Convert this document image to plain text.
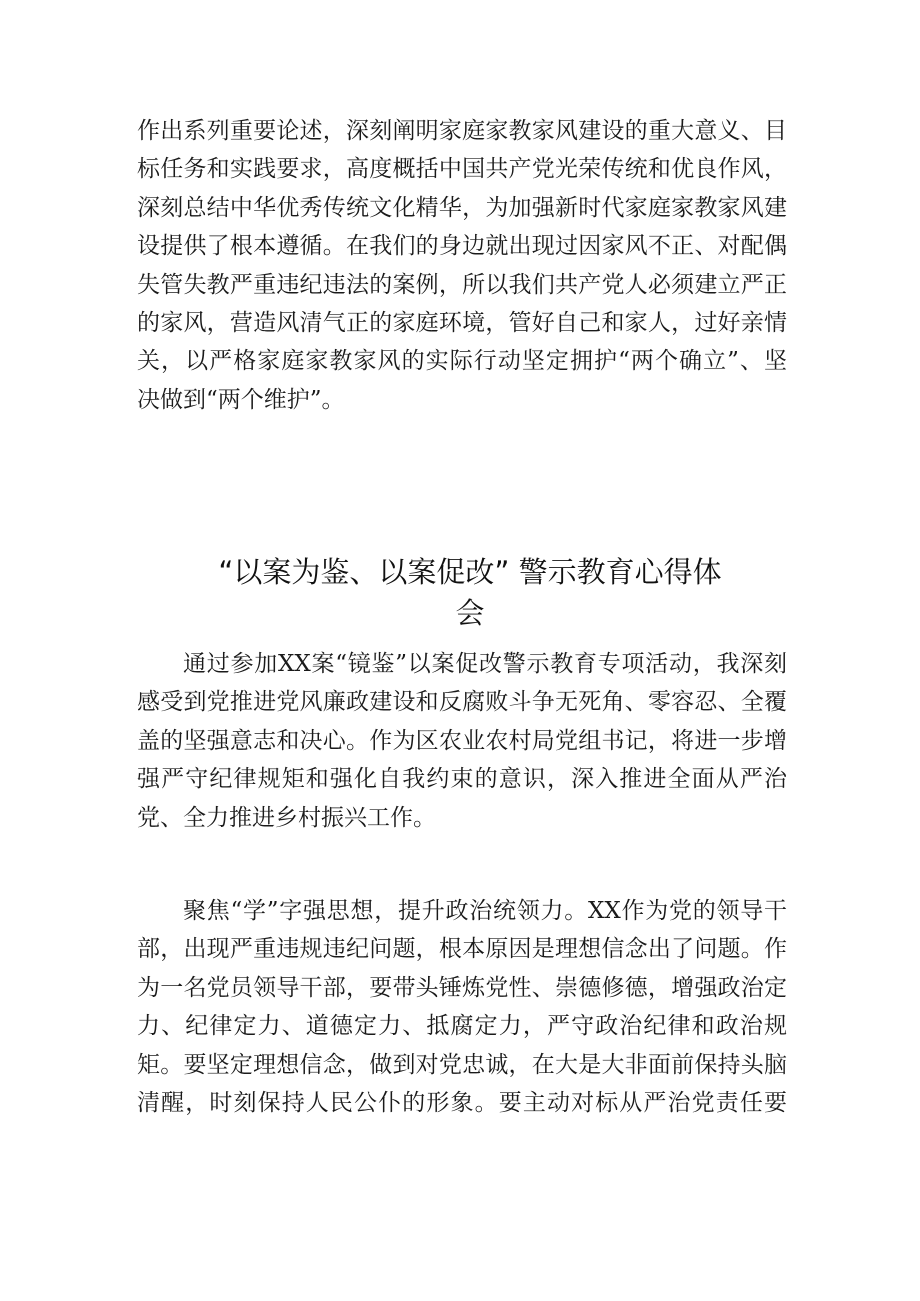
作出系列重要论述，深刻阐明家庭家教家风建设的重大意义、目
标任务和实践要求，高度概括中国共产党光荣传统和优良作风，
深刻总结中华优秀传统文化精华，为加强新时代家庭家教家风建
设提供了根本遵循。在我们的身边就出现过因家风不正、对配偶
失管失教严重违纪违法的案例，所以我们共产党人必须建立严正
的家风，营造风清气正的家庭环境，管好自己和家人，过好亲情
关，以严格家庭家教家风的实际行动坚定拥护“两个确立”、坚
决做到“两个维护”。
“以案为鉴、以案促改” 警示教育心得体
会
通过参加XX案“镜鉴”以案促改警示教育专项活动，我深刻
感受到党推进党风廉政建设和反腐败斗争无死角、零容忍、全覆
盖的坚强意志和决心。作为区农业农村局党组书记，将进一步增
强严守纪律规矩和强化自我约束的意识，深入推进全面从严治
党、全力推进乡村振兴工作。
聚焦“学”字强思想，提升政治统领力。XX作为党的领导干
部，出现严重违规违纪问题，根本原因是理想信念出了问题。作
为一名党员领导干部，要带头锤炼党性、崇德修德，增强政治定
力、纪律定力、道德定力、抵腐定力，严守政治纪律和政治规
矩。要坚定理想信念，做到对党忠诚，在大是大非面前保持头脑
清醒，时刻保持人民公仆的形象。要主动对标从严治党责任要
